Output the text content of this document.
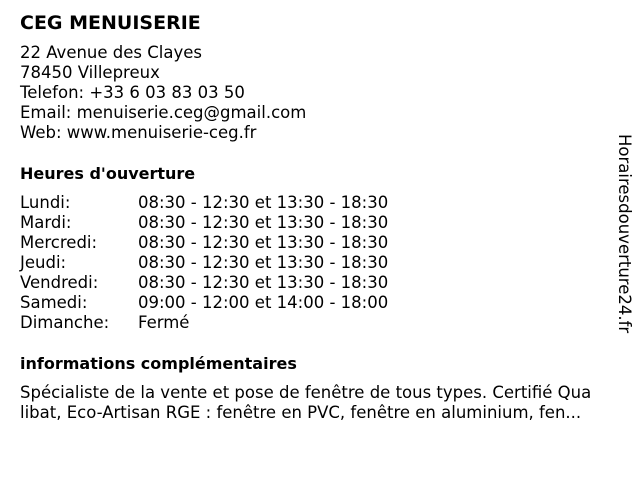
CEG MENUISERIE
22 Avenue des Clayes
78450 Villepreux
Telefon: +33 6 03 83 03 50
Email: menuiserie.ceg@gmail.com
Web: www.menuiserie-ceg.fr
Heures d'ouverture
Lundi:	08:30 - 12:30 et 13:30 - 18:30
Mardi:	08:30 - 12:30 et 13:30 - 18:30
Mercredi:	08:30 - 12:30 et 13:30 - 18:30
Jeudi:	08:30 - 12:30 et 13:30 - 18:30
Vendredi:	08:30 - 12:30 et 13:30 - 18:30
Samedi:	09:00 - 12:00 et 14:00 - 18:00
Dimanche:	Fermé
informations complémentaires
Spécialiste de la vente et pose de fenêtre de tous types. Certifié Qua
libat, Eco-Artisan RGE : fenêtre en PVC, fenêtre en aluminium, fen...
Horairesdouverture24.fr
